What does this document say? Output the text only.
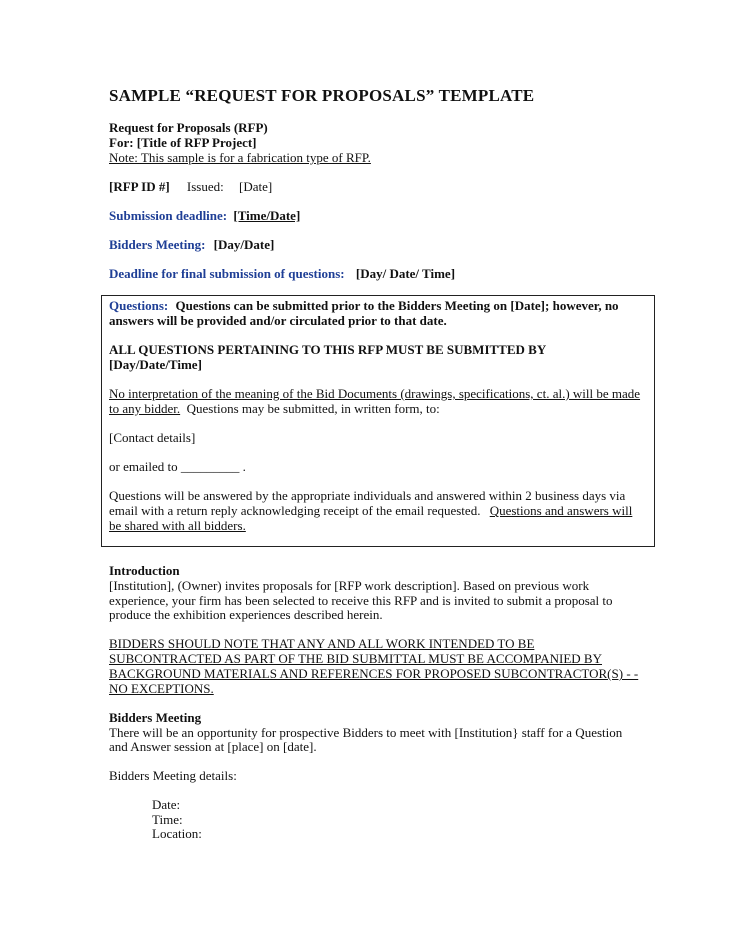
SAMPLE “REQUEST FOR PROPOSALS” TEMPLATE
Request for Proposals (RFP)
For: [Title of RFP Project]
Note: This sample is for a fabrication type of RFP.
[RFP ID #] Issued: [Date]
Submission deadline: [Time/Date]
Bidders Meeting: [Day/Date]
Deadline for final submission of questions: [Day/ Date/ Time]
Questions: Questions can be submitted prior to the Bidders Meeting on [Date]; however, no
answers will be provided and/or circulated prior to that date.
ALL QUESTIONS PERTAINING TO THIS RFP MUST BE SUBMITTED BY
[Day/Date/Time]
No interpretation of the meaning of the Bid Documents (drawings, specifications, ct. al.) will be made
to any bidder.  Questions may be submitted, in written form, to:
[Contact details]
or emailed to _________ .
Questions will be answered by the appropriate individuals and answered within 2 business days via
email with a return reply acknowledging receipt of the email requested. Questions and answers will
be shared with all bidders.
Introduction
[Institution], (Owner) invites proposals for [RFP work description]. Based on previous work
experience, your firm has been selected to receive this RFP and is invited to submit a proposal to
produce the exhibition experiences described herein.
BIDDERS SHOULD NOTE THAT ANY AND ALL WORK INTENDED TO BE
SUBCONTRACTED AS PART OF THE BID SUBMITTAL MUST BE ACCOMPANIED BY
BACKGROUND MATERIALS AND REFERENCES FOR PROPOSED SUBCONTRACTOR(S) - -
NO EXCEPTIONS.
Bidders Meeting
There will be an opportunity for prospective Bidders to meet with [Institution} staff for a Question
and Answer session at [place] on [date].
Bidders Meeting details:
Date:
Time:
Location:
